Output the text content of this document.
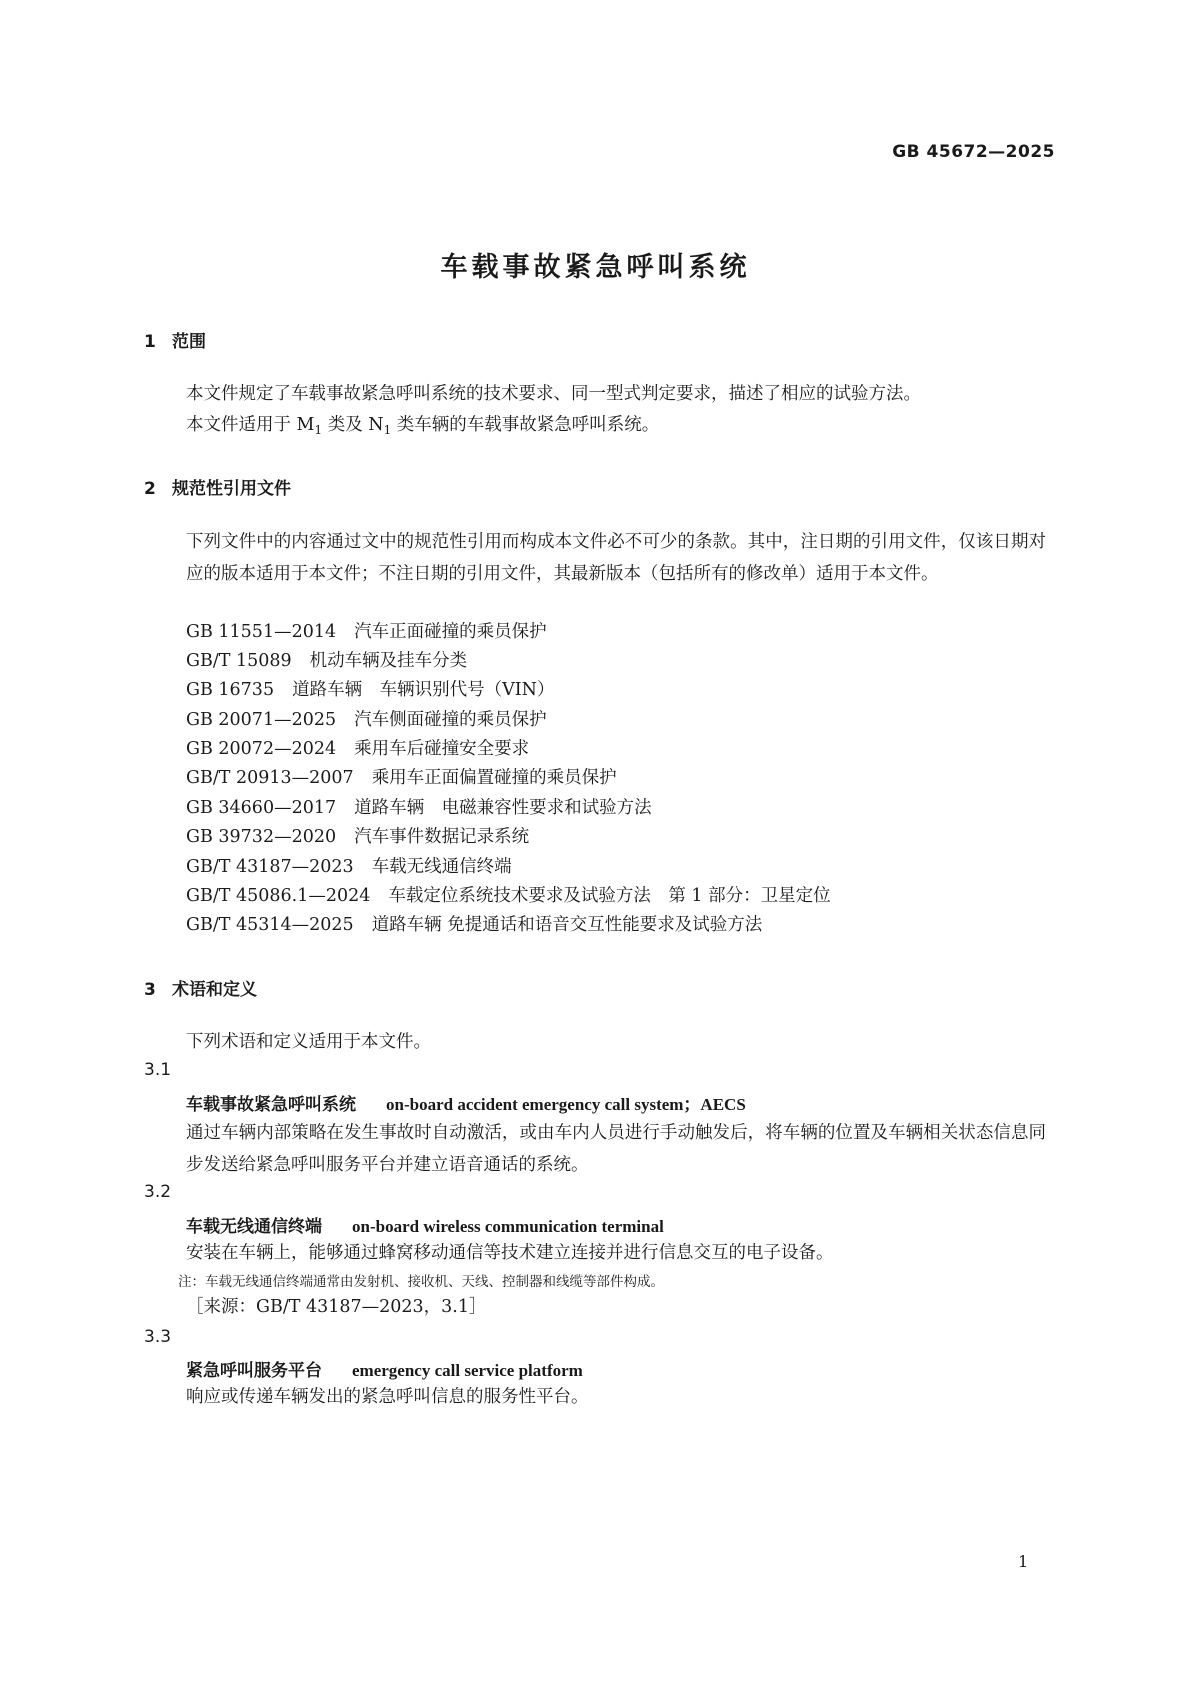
GB 45672—2025
车载事故紧急呼叫系统
1 范围
本文件规定了车载事故紧急呼叫系统的技术要求、同一型式判定要求，描述了相应的试验方法。
本文件适用于 $M_1$ 类及 $N_1$ 类车辆的车载事故紧急呼叫系统。
2 规范性引用文件
下列文件中的内容通过文中的规范性引用而构成本文件必不可少的条款。其中，注日期的引用文件，仅该日期对应的版本适用于本文件；不注日期的引用文件，其最新版本（包括所有的修改单）适用于本文件。
GB 11551—2014 汽车正面碰撞的乘员保护
GB/T 15089 机动车辆及挂车分类
GB 16735 道路车辆　车辆识别代号（VIN）
GB 20071—2025 汽车侧面碰撞的乘员保护
GB 20072—2024 乘用车后碰撞安全要求
GB/T 20913—2007 乘用车正面偏置碰撞的乘员保护
GB 34660—2017 道路车辆　电磁兼容性要求和试验方法
GB 39732—2020 汽车事件数据记录系统
GB/T 43187—2023 车载无线通信终端
GB/T 45086.1—2024 车载定位系统技术要求及试验方法　第 1 部分：卫星定位
GB/T 45314—2025 道路车辆 免提通话和语音交互性能要求及试验方法
3 术语和定义
下列术语和定义适用于本文件。
3.1
车载事故紧急呼叫系统 on-board accident emergency call system；AECS
通过车辆内部策略在发生事故时自动激活，或由车内人员进行手动触发后，将车辆的位置及车辆相关状态信息同步发送给紧急呼叫服务平台并建立语音通话的系统。
3.2
车载无线通信终端 on-board wireless communication terminal
安装在车辆上，能够通过蜂窝移动通信等技术建立连接并进行信息交互的电子设备。
注：车载无线通信终端通常由发射机、接收机、天线、控制器和线缆等部件构成。
［来源：GB/T 43187—2023，3.1］
3.3
紧急呼叫服务平台 emergency call service platform
响应或传递车辆发出的紧急呼叫信息的服务性平台。
1
